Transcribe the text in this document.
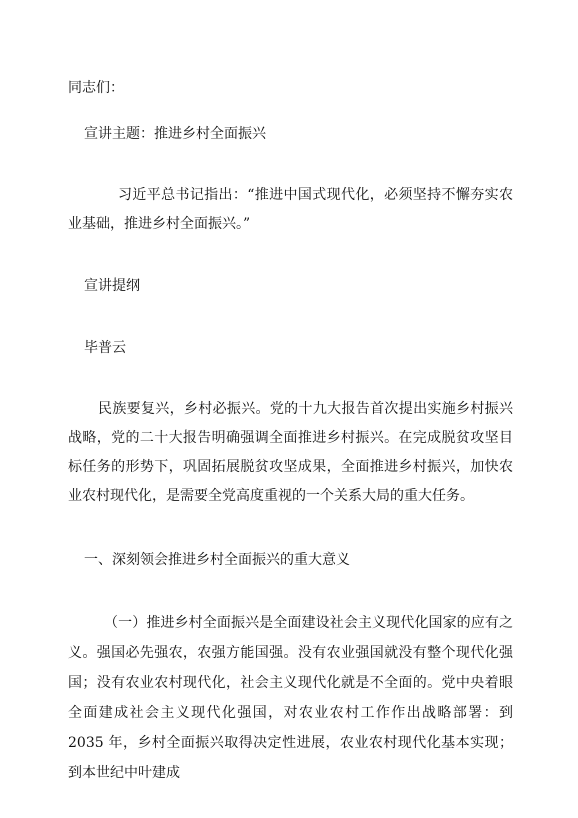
同志们：
宣讲主题：推进乡村全面振兴
习近平总书记指出：“推进中国式现代化，必须坚持不懈夯实农业基础，推进乡村全面振兴。”
宣讲提纲
毕普云
民族要复兴，乡村必振兴。党的十九大报告首次提出实施乡村振兴战略，党的二十大报告明确强调全面推进乡村振兴。在完成脱贫攻坚目标任务的形势下，巩固拓展脱贫攻坚成果，全面推进乡村振兴，加快农业农村现代化，是需要全党高度重视的一个关系大局的重大任务。
一、深刻领会推进乡村全面振兴的重大意义
（一）推进乡村全面振兴是全面建设社会主义现代化国家的应有之义。强国必先强农，农强方能国强。没有农业强国就没有整个现代化强国；没有农业农村现代化，社会主义现代化就是不全面的。党中央着眼全面建成社会主义现代化强国，对农业农村工作作出战略部署：到 2035 年，乡村全面振兴取得决定性进展，农业农村现代化基本实现；到本世纪中叶建成
